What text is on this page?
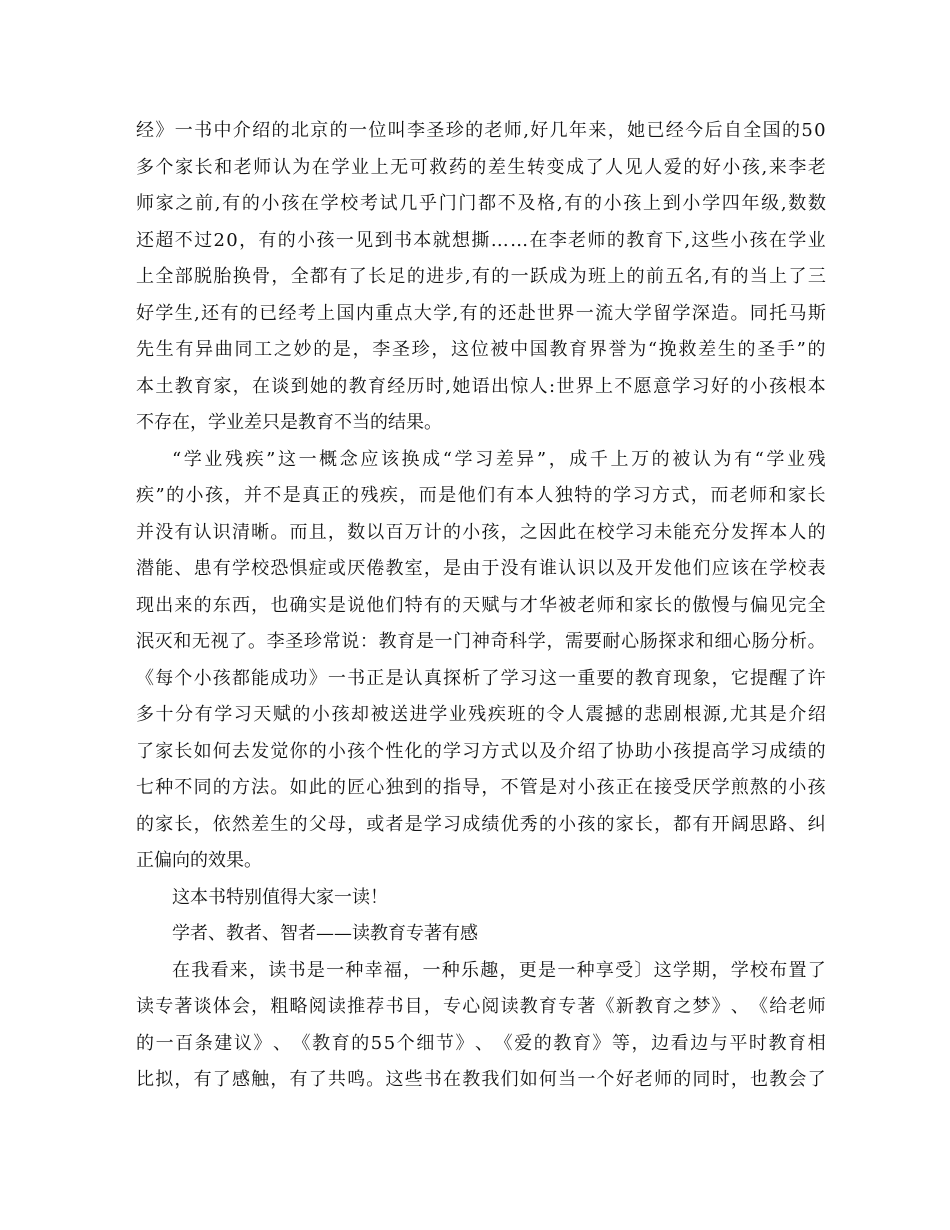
经 》 一 书 中 介 绍 的 北 京 的 一 位 叫 李 圣 珍 的 老 师 , 好 几 年 来 ， 她 已 经 今 后 自 全 国 的 5 0
多 个 家 长 和 老 师 认 为 在 学 业 上 无 可 救 药 的 差 生 转 变 成 了 人 见 人 爱 的 好 小 孩 , 来 李 老
师 家 之 前 , 有 的 小 孩 在 学 校 考 试 几 乎 门 门 都 不 及 格 , 有 的 小 孩 上 到 小 学 四 年 级 , 数 数
还 超 不 过 2 0 ， 有 的 小 孩 一 见 到 书 本 就 想 撕 … … 在 李 老 师 的 教 育 下 , 这 些 小 孩 在 学 业
上 全 部 脱 胎 换 骨 ， 全 都 有 了 长 足 的 进 步 , 有 的 一 跃 成 为 班 上 的 前 五 名 , 有 的 当 上 了 三
好 学 生 , 还 有 的 已 经 考 上 国 内 重 点 大 学 , 有 的 还 赴 世 界 一 流 大 学 留 学 深 造 。 同 托 马 斯
先 生 有 异 曲 同 工 之 妙 的 是 ， 李 圣 珍 ， 这 位 被 中 国 教 育 界 誉 为 “ 挽 救 差 生 的 圣 手 ” 的
本 土 教 育 家 ， 在 谈 到 她 的 教 育 经 历 时 , 她 语 出 惊 人 : 世 界 上 不 愿 意 学 习 好 的 小 孩 根 本
不存在，学业差只是教育不当的结果。
“ 学 业 残 疾 ” 这 一 概 念 应 该 换 成 “ 学 习 差 异 ” ， 成 千 上 万 的 被 认 为 有 “ 学 业 残
疾 ” 的 小 孩 ， 并 不 是 真 正 的 残 疾 ， 而 是 他 们 有 本 人 独 特 的 学 习 方 式 ， 而 老 师 和 家 长
并 没 有 认 识 清 晰 。 而 且 ， 数 以 百 万 计 的 小 孩 ， 之 因 此 在 校 学 习 未 能 充 分 发 挥 本 人 的
潜 能 、 患 有 学 校 恐 惧 症 或 厌 倦 教 室 ， 是 由 于 没 有 谁 认 识 以 及 开 发 他 们 应 该 在 学 校 表
现 出 来 的 东 西 ， 也 确 实 是 说 他 们 特 有 的 天 赋 与 才 华 被 老 师 和 家 长 的 傲 慢 与 偏 见 完 全
泯 灭 和 无 视 了 。 李 圣 珍 常 说 ： 教 育 是 一 门 神 奇 科 学 ， 需 要 耐 心 肠 探 求 和 细 心 肠 分 析 。
《 每 个 小 孩 都 能 成 功 》 一 书 正 是 认 真 探 析 了 学 习 这 一 重 要 的 教 育 现 象 ， 它 提 醒 了 许
多 十 分 有 学 习 天 赋 的 小 孩 却 被 送 进 学 业 残 疾 班 的 令 人 震 撼 的 悲 剧 根 源 , 尤 其 是 介 绍
了 家 长 如 何 去 发 觉 你 的 小 孩 个 性 化 的 学 习 方 式 以 及 介 绍 了 协 助 小 孩 提 高 学 习 成 绩 的
七 种 不 同 的 方 法 。 如 此 的 匠 心 独 到 的 指 导 ， 不 管 是 对 小 孩 正 在 接 受 厌 学 煎 熬 的 小 孩
的 家 长 ， 依 然 差 生 的 父 母 ， 或 者 是 学 习 成 绩 优 秀 的 小 孩 的 家 长 ， 都 有 开 阔 思 路 、 纠
正偏向的效果。
这本书特别值得大家一读！
学者、教者、智者——读教育专著有感
在 我 看 来 ， 读 书 是 一 种 幸 福 ， 一 种 乐 趣 ， 更 是 一 种 享 受 〕 这 学 期 ， 学 校 布 置 了
读 专 著 谈 体 会 ， 粗 略 阅 读 推 荐 书 目 ， 专 心 阅 读 教 育 专 著 《 新 教 育 之 梦 》 、 《 给 老 师
的 一 百 条 建 议 》 、 《 教 育 的 5 5 个 细 节 》 、 《 爱 的 教 育 》 等 ， 边 看 边 与 平 时 教 育 相
比 拟 ， 有 了 感 触 ， 有 了 共 鸣 。 这 些 书 在 教 我 们 如 何 当 一 个 好 老 师 的 同 时 ， 也 教 会 了
